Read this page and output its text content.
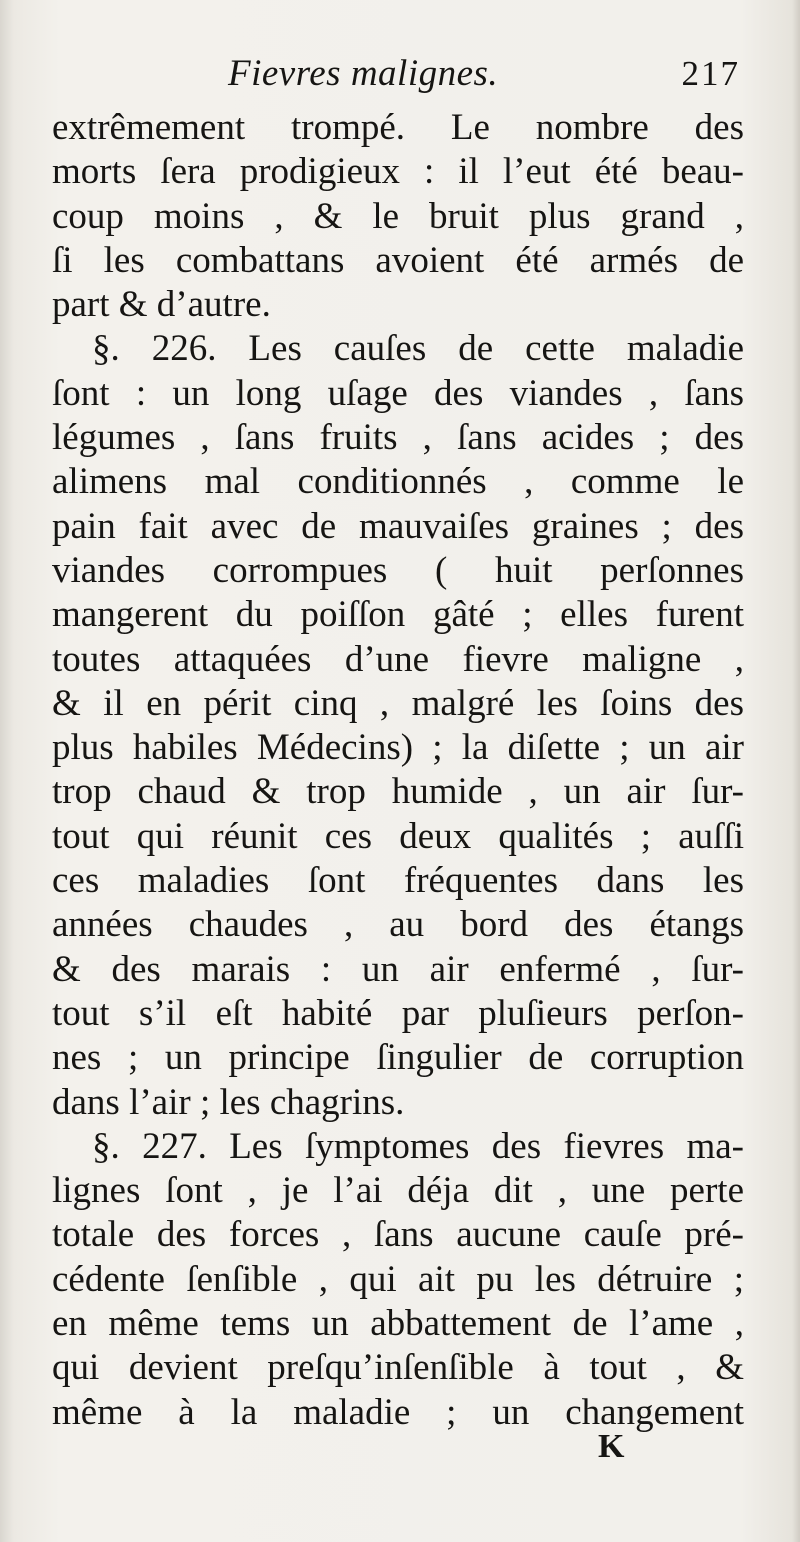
Fievres malignes.	217
extrêmement trompé. Le nombre des
morts ſera prodigieux : il l’eut été beau-
coup moins , & le bruit plus grand ,
ſi les combattans avoient été armés de
part & d’autre.
§. 226. Les cauſes de cette maladie
ſont : un long uſage des viandes , ſans
légumes , ſans fruits , ſans acides ; des
alimens mal conditionnés , comme le
pain fait avec de mauvaiſes graines ; des
viandes corrompues ( huit perſonnes
mangerent du poiſſon gâté ; elles furent
toutes attaquées d’une fievre maligne ,
& il en périt cinq , malgré les ſoins des
plus habiles Médecins) ; la diſette ; un air
trop chaud & trop humide , un air ſur-
tout qui réunit ces deux qualités ; auſſi
ces maladies ſont fréquentes dans les
années chaudes , au bord des étangs
& des marais : un air enfermé , ſur-
tout s’il eſt habité par pluſieurs perſon-
nes ; un principe ſingulier de corruption
dans l’air ; les chagrins.
§. 227. Les ſymptomes des fievres ma-
lignes ſont , je l’ai déja dit , une perte
totale des forces , ſans aucune cauſe pré-
cédente ſenſible , qui ait pu les détruire ;
en même tems un abbattement de l’ame ,
qui devient preſqu’inſenſible à tout , &
même à la maladie ; un changement
K
